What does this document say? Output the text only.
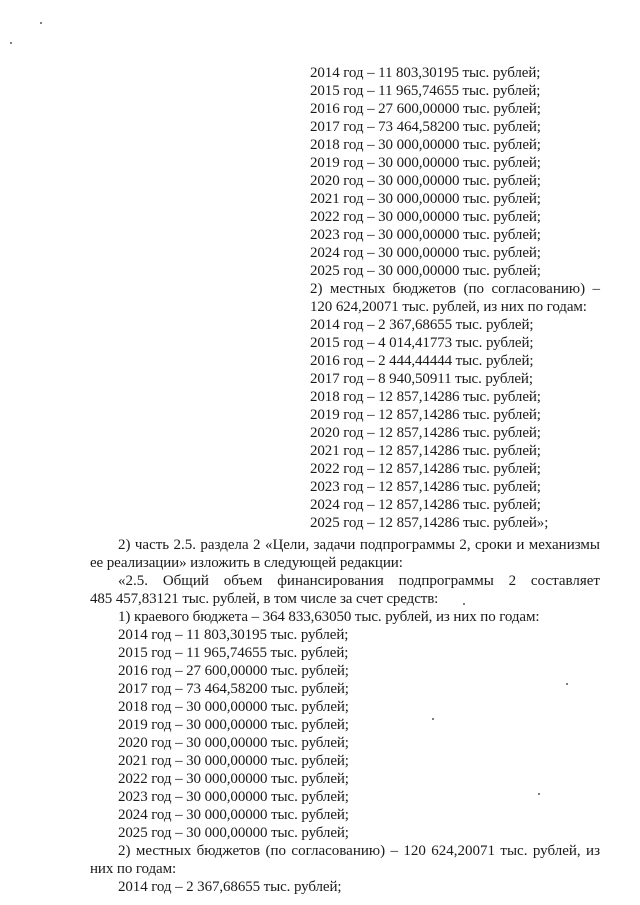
2014 год – 11 803,30195 тыс. рублей;
2015 год – 11 965,74655 тыс. рублей;
2016 год – 27 600,00000 тыс. рублей;
2017 год – 73 464,58200 тыс. рублей;
2018 год – 30 000,00000 тыс. рублей;
2019 год – 30 000,00000 тыс. рублей;
2020 год – 30 000,00000 тыс. рублей;
2021 год – 30 000,00000 тыс. рублей;
2022 год – 30 000,00000 тыс. рублей;
2023 год – 30 000,00000 тыс. рублей;
2024 год – 30 000,00000 тыс. рублей;
2025 год – 30 000,00000 тыс. рублей;
2) местных бюджетов (по согласованию) –
120 624,20071 тыс. рублей, из них по годам:
2014 год – 2 367,68655 тыс. рублей;
2015 год – 4 014,41773 тыс. рублей;
2016 год – 2 444,44444 тыс. рублей;
2017 год – 8 940,50911 тыс. рублей;
2018 год – 12 857,14286 тыс. рублей;
2019 год – 12 857,14286 тыс. рублей;
2020 год – 12 857,14286 тыс. рублей;
2021 год – 12 857,14286 тыс. рублей;
2022 год – 12 857,14286 тыс. рублей;
2023 год – 12 857,14286 тыс. рублей;
2024 год – 12 857,14286 тыс. рублей;
2025 год – 12 857,14286 тыс. рублей»;
2) часть 2.5. раздела 2 «Цели, задачи подпрограммы 2, сроки и механизмы
ее реализации» изложить в следующей редакции:
«2.5. Общий объем финансирования подпрограммы 2 составляет
485 457,83121 тыс. рублей, в том числе за счет средств:
1) краевого бюджета – 364 833,63050 тыс. рублей, из них по годам:
2014 год – 11 803,30195 тыс. рублей;
2015 год – 11 965,74655 тыс. рублей;
2016 год – 27 600,00000 тыс. рублей;
2017 год – 73 464,58200 тыс. рублей;
2018 год – 30 000,00000 тыс. рублей;
2019 год – 30 000,00000 тыс. рублей;
2020 год – 30 000,00000 тыс. рублей;
2021 год – 30 000,00000 тыс. рублей;
2022 год – 30 000,00000 тыс. рублей;
2023 год – 30 000,00000 тыс. рублей;
2024 год – 30 000,00000 тыс. рублей;
2025 год – 30 000,00000 тыс. рублей;
2) местных бюджетов (по согласованию) – 120 624,20071 тыс. рублей, из
них по годам:
2014 год – 2 367,68655 тыс. рублей;
